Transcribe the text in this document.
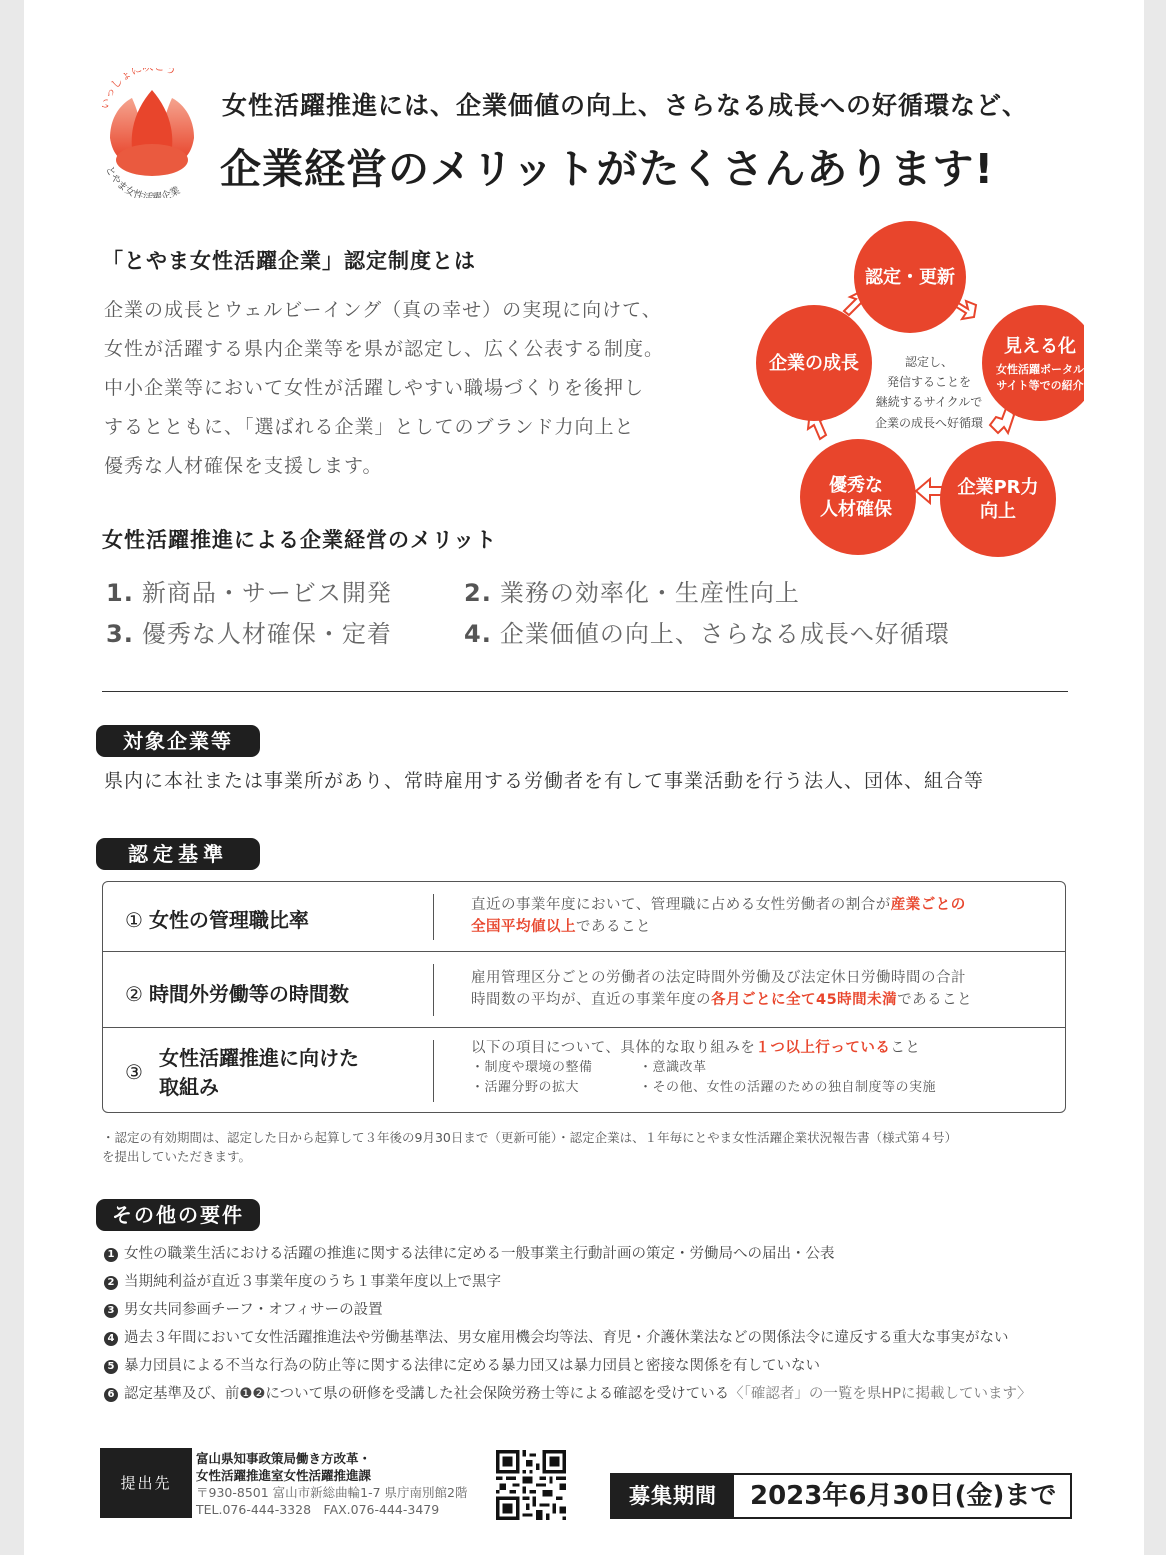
っしょに う
とやま女性活躍企業
女性活躍推進には、企業価値の向上、さらなる成長への好循環など、
企業経営のメリットがたくさんあります!
「とやま女性活躍企業」認定制度とは
企業の成長とウェルビーイング（真の幸せ）の実現に向けて、
女性が活躍する県内企業等を県が認定し、広く公表する制度。
中小企業等において女性が活躍しやすい職場づくりを後押し
するとともに、「選ばれる企業」としてのブランド力向上と
優秀な人材確保を支援します。
認定・更新
見える化
女性活躍ポータル
サイト等での紹介
企業PR力
向上
優秀な
人材確保
企業の成長	認定し、
発信することを
継続するサイクルで
企業の成長へ好循環
女性活躍推進による企業経営のメリット
1. 新商品・サービス開発	2. 業務の効率化・生産性向上
3. 優秀な人材確保・定着	4. 企業価値の向上、さらなる成長へ好循環
対象企業等
県内に本社または事業所があり、常時雇用する労働者を有して事業活動を行う法人、団体、組合等
認定基準
① 女性の管理職比率
直近の事業年度において、管理職に占める女性労働者の割合が産業ごとの
全国平均値以上であること
② 時間外労働等の時間数
雇用管理区分ごとの労働者の法定時間外労働及び法定休日労働時間の合計
時間数の平均が、直近の事業年度の各月ごとに全て45時間未満であること
③
女性活躍推進に向けた
取組み
以下の項目について、具体的な取り組みを１つ以上行っていること
・制度や環境の整備	・意識改革
・活躍分野の拡大	・その他、女性の活躍のための独自制度等の実施
・認定の有効期間は、認定した日から起算して３年後の9月30日まで（更新可能）・認定企業は、１年毎にとやま女性活躍企業状況報告書（様式第４号）
を提出していただきます。
その他の要件
1 女性の職業生活における活躍の推進に関する法律に定める一般事業主行動計画の策定・労働局への届出・公表
2 当期純利益が直近３事業年度のうち１事業年度以上で黒字
3 男女共同参画チーフ・オフィサーの設置
4 過去３年間において女性活躍推進法や労働基準法、男女雇用機会均等法、育児・介護休業法などの関係法令に違反する重大な事実がない
5 暴力団員による不当な行為の防止等に関する法律に定める暴力団又は暴力団員と密接な関係を有していない
6 認定基準及び、前❶❷について県の研修を受講した社会保険労務士等による確認を受けている〈「確認者」の一覧を県HPに掲載しています〉
提出先
富山県知事政策局働き方改革・
女性活躍推進室女性活躍推進課
〒930-8501 富山市新総曲輪1-7 県庁南別館2階
TEL.076-444-3328　FAX.076-444-3479
募集期間	2023年6月30日(金)まで
